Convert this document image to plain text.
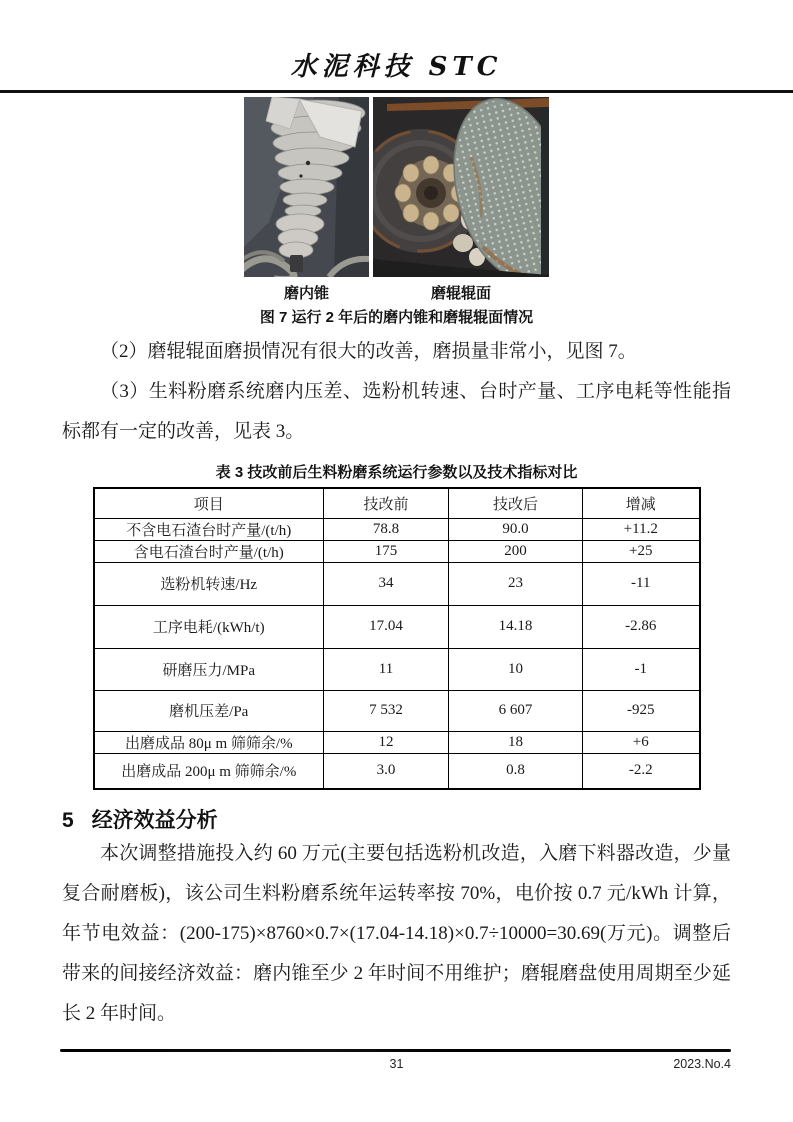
水泥科技 STC
磨内锥	磨辊辊面
图 7 运行 2 年后的磨内锥和磨辊辊面情况

（2）磨辊辊面磨损情况有很大的改善，磨损量非常小，见图 7。

（3）生料粉磨系统磨内压差、选粉机转速、台时产量、工序电耗等性能指标都有一定的改善，见表 3。

表 3 技改前后生料粉磨系统运行参数以及技术指标对比
项目	技改前	技改后	增减
不含电石渣台时产量/(t/h)	78.8	90.0	+11.2
含电石渣台时产量/(t/h)	175	200	+25
选粉机转速/Hz	34	23	-11
工序电耗/(kWh/t)	17.04	14.18	-2.86
研磨压力/MPa	11	10	-1
磨机压差/Pa	7 532	6 607	-925
出磨成品 80μ m 筛筛余/%	12	18	+6
出磨成品 200μ m 筛筛余/%	3.0	0.8	-2.2
5 经济效益分析

本次调整措施投入约 60 万元(主要包括选粉机改造，入磨下料器改造，少量复合耐磨板)，该公司生料粉磨系统年运转率按 70%，电价按 0.7 元/kWh 计算，年节电效益：(200-175)×8760×0.7×(17.04-14.18)×0.7÷10000=30.69(万元)。调整后带来的间接经济效益：磨内锥至少 2 年时间不用维护；磨辊磨盘使用周期至少延长 2 年时间。

31	2023.No.4
